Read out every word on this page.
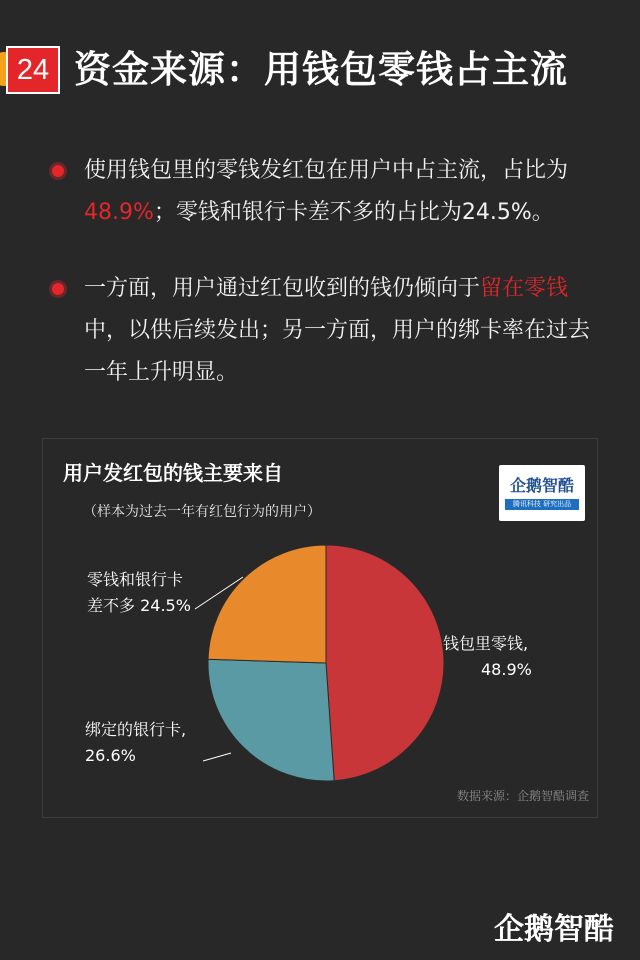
24 资金来源：用钱包零钱占主流
使用钱包里的零钱发红包在用户中占主流，占比为48.9%；零钱和银行卡差不多的占比为24.5%。
一方面，用户通过红包收到的钱仍倾向于留在零钱中，以供后续发出；另一方面，用户的绑卡率在过去一年上升明显。
用户发红包的钱主要来自
（样本为过去一年有红包行为的用户）
企鹅智酷
腾讯科技 研究出品
钱包里零钱,
48.9%
绑定的银行卡,
26.6%
零钱和银行卡
差不多 24.5%
数据来源：企鹅智酷调查
企鹅智酷
